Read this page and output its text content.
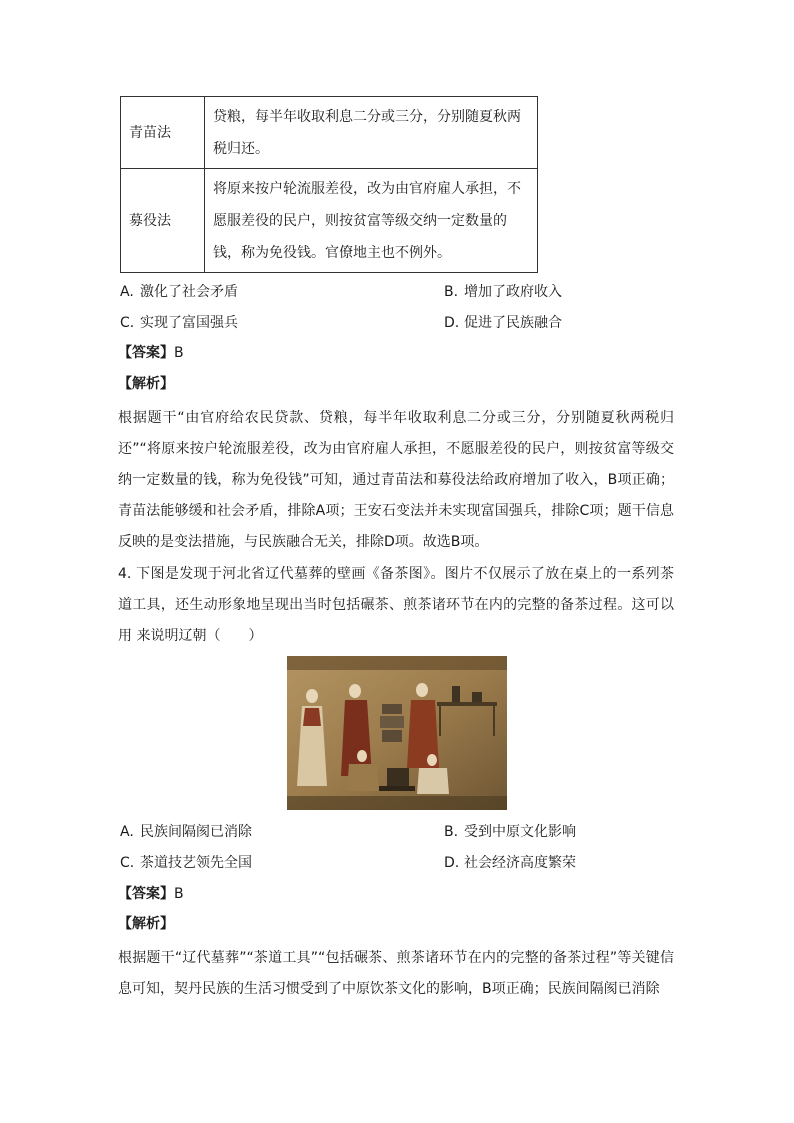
青苗法	贷粮，每半年收取利息二分或三分，分别随夏秋两税归还。
募役法	将原来按户轮流服差役，改为由官府雇人承担，不愿服差役的民户，则按贫富等级交纳一定数量的钱，称为免役钱。官僚地主也不例外。
A. 激化了社会矛盾	B. 增加了政府收入
C. 实现了富国强兵	D. 促进了民族融合
【答案】B
【解析】
根据题干“由官府给农民贷款、贷粮，每半年收取利息二分或三分，分别随夏秋两税归还”“将原来按户轮流服差役，改为由官府雇人承担，不愿服差役的民户，则按贫富等级交纳一定数量的钱，称为免役钱”可知，通过青苗法和募役法给政府增加了收入，B项正确；青苗法能够缓和社会矛盾，排除A项；王安石变法并未实现富国强兵，排除C项；题干信息反映的是变法措施，与民族融合无关，排除D项。故选B项。
4. 下图是发现于河北省辽代墓葬的壁画《备茶图》。图片不仅展示了放在桌上的一系列茶道工具，还生动形象地呈现出当时包括碾茶、煎茶诸环节在内的完整的备茶过程。这可以用 来说明辽朝（　　）
A. 民族间隔阂已消除	B. 受到中原文化影响
C. 茶道技艺领先全国	D. 社会经济高度繁荣
【答案】B
【解析】
根据题干“辽代墓葬”“茶道工具”“包括碾茶、煎茶诸环节在内的完整的备茶过程”等关键信息可知，契丹民族的生活习惯受到了中原饮茶文化的影响，B项正确；民族间隔阂已消除
